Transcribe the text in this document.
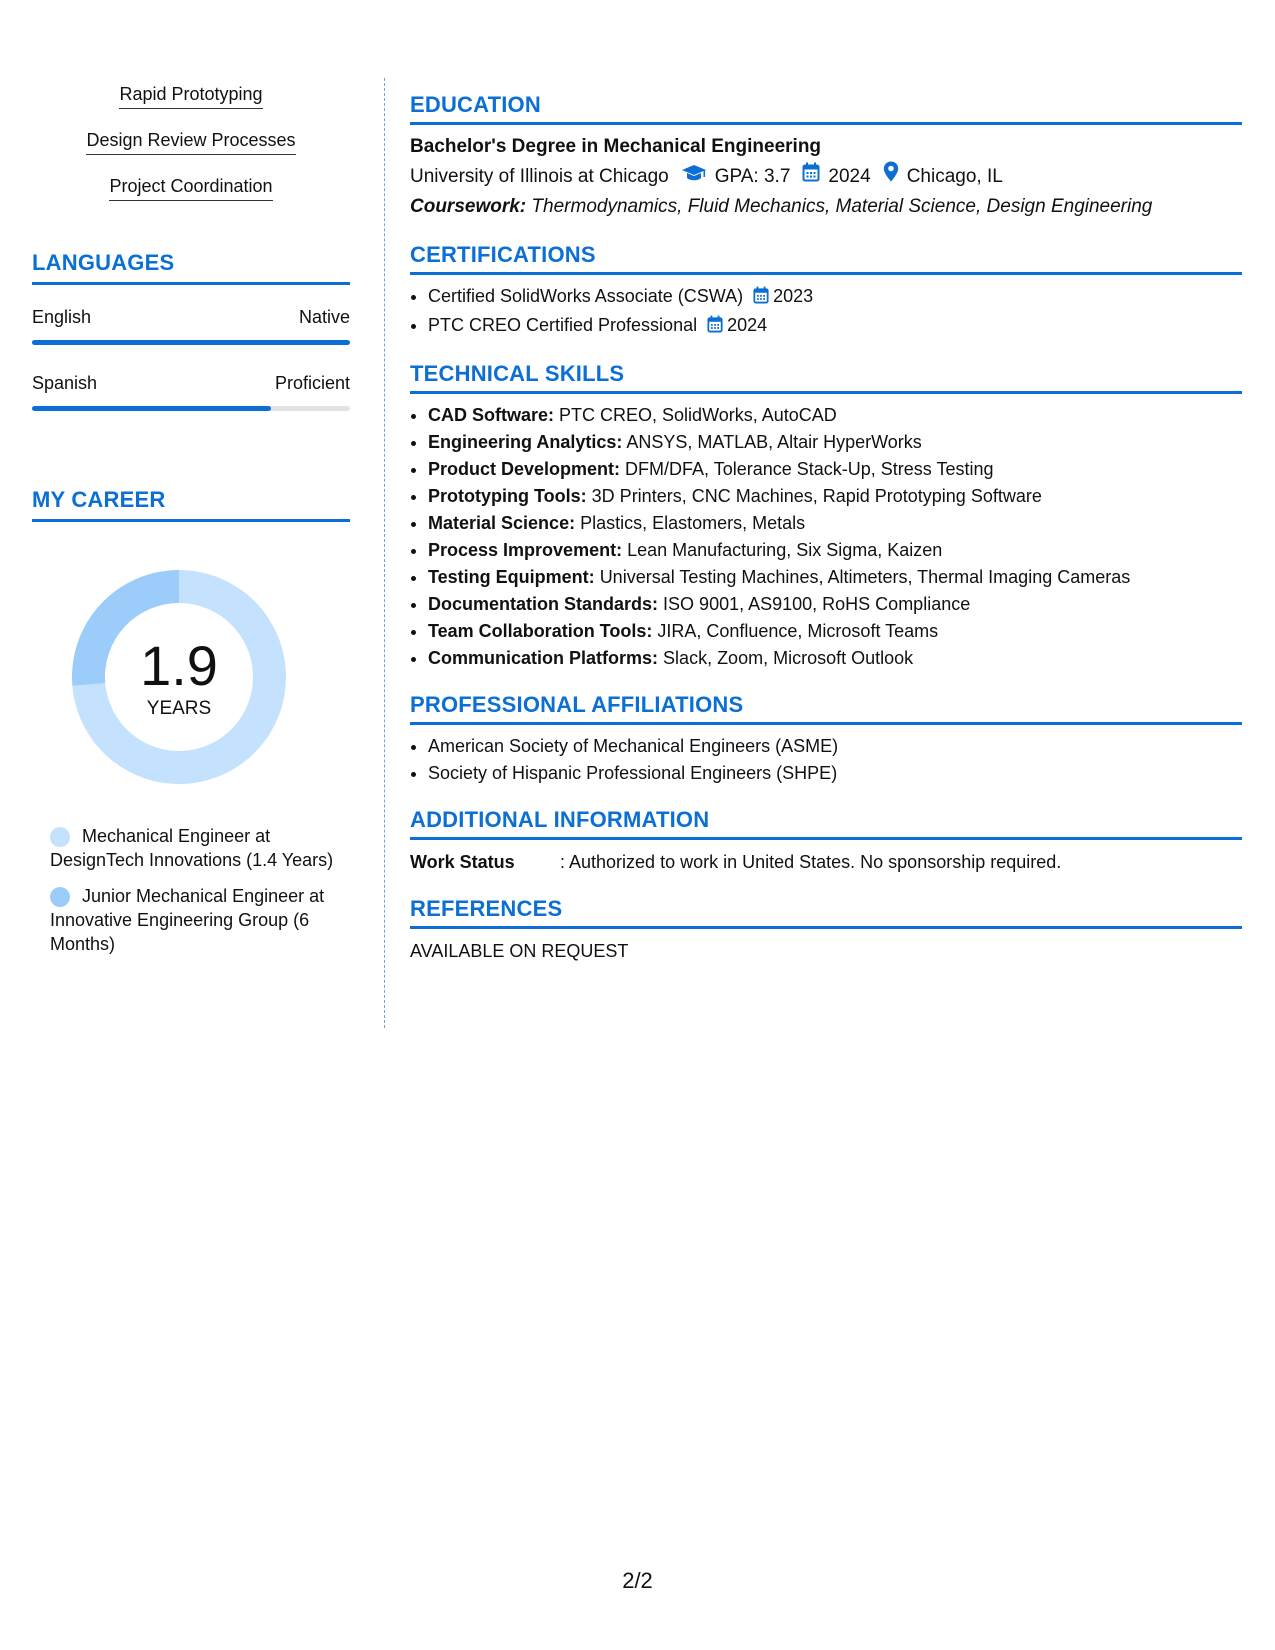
Rapid Prototyping
Design Review Processes
Project Coordination
LANGUAGES
English	Native
Spanish	Proficient
MY CAREER
1.9
YEARS
Mechanical Engineer at DesignTech Innovations (1.4 Years)
Junior Mechanical Engineer at Innovative Engineering Group (6 Months)
EDUCATION
Bachelor's Degree in Mechanical Engineering
University of Illinois at Chicago GPA: 3.7 2024 Chicago, IL
Coursework: Thermodynamics, Fluid Mechanics, Material Science, Design Engineering
CERTIFICATIONS
• Certified SolidWorks Associate (CSWA) 2023
• PTC CREO Certified Professional 2024
TECHNICAL SKILLS
• CAD Software: PTC CREO, SolidWorks, AutoCAD
• Engineering Analytics: ANSYS, MATLAB, Altair HyperWorks
• Product Development: DFM/DFA, Tolerance Stack-Up, Stress Testing
• Prototyping Tools: 3D Printers, CNC Machines, Rapid Prototyping Software
• Material Science: Plastics, Elastomers, Metals
• Process Improvement: Lean Manufacturing, Six Sigma, Kaizen
• Testing Equipment: Universal Testing Machines, Altimeters, Thermal Imaging Cameras
• Documentation Standards: ISO 9001, AS9100, RoHS Compliance
• Team Collaboration Tools: JIRA, Confluence, Microsoft Teams
• Communication Platforms: Slack, Zoom, Microsoft Outlook
PROFESSIONAL AFFILIATIONS
• American Society of Mechanical Engineers (ASME)
• Society of Hispanic Professional Engineers (SHPE)
ADDITIONAL INFORMATION
Work Status	: Authorized to work in United States. No sponsorship required.
REFERENCES
AVAILABLE ON REQUEST
2/2
